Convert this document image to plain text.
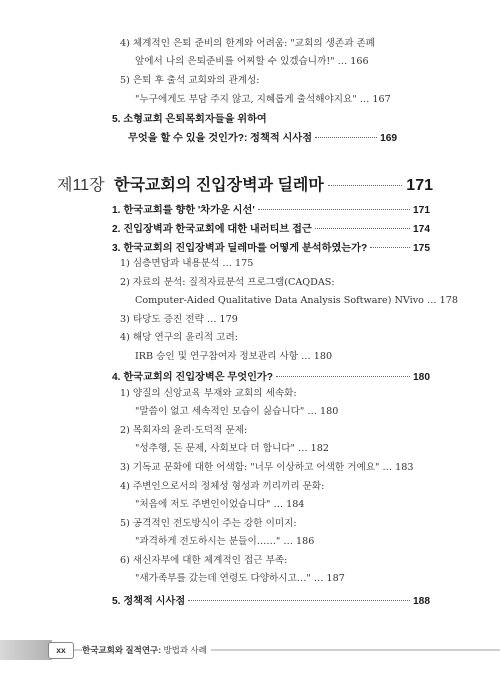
4) 체계적인 은퇴 준비의 한계와 어려움: "교회의 생존과 존폐
앞에서 나의 은퇴준비를 어찌할 수 있겠습니까!" … 166
5) 은퇴 후 출석 교회와의 관계성:
"누구에게도 부담 주지 않고, 지혜롭게 출석해야지요" … 167
5. 소형교회 은퇴목회자들을 위하여
무엇을 할 수 있을 것인가?: 정책적 시사점	169
제11장 한국교회의 진입장벽과 딜레마	171
1. 한국교회를 향한 '차가운 시선'	171
2. 진입장벽과 한국교회에 대한 내러티브 접근	174
3. 한국교회의 진입장벽과 딜레마를 어떻게 분석하였는가?	175
1) 심층면담과 내용분석 … 175
2) 자료의 분석: 질적자료분석 프로그램(CAQDAS:
Computer-Aided Qualitative Data Analysis Software) NVivo … 178
3) 타당도 증진 전략 … 179
4) 해당 연구의 윤리적 고려:
IRB 승인 및 연구참여자 정보관리 사항 … 180
4. 한국교회의 진입장벽은 무엇인가?	180
1) 양질의 신앙교육 부재와 교회의 세속화:
"말씀이 없고 세속적인 모습이 싫습니다" … 180
2) 목회자의 윤리·도덕적 문제:
"성추행, 돈 문제, 사회보다 더 합니다" … 182
3) 기독교 문화에 대한 어색함: "너무 이상하고 어색한 거예요" … 183
4) 주변인으로서의 정체성 형성과 끼리끼리 문화:
"처음에 저도 주변인이었습니다" … 184
5) 공격적인 전도방식이 주는 강한 이미지:
"과격하게 전도하시는 분들이……" … 186
6) 새신자부에 대한 체계적인 접근 부족:
"새가족부를 갔는데 연령도 다양하시고…" … 187
5. 정책적 시사점	188
xx	한국교회와 질적연구: 방법과 사례
